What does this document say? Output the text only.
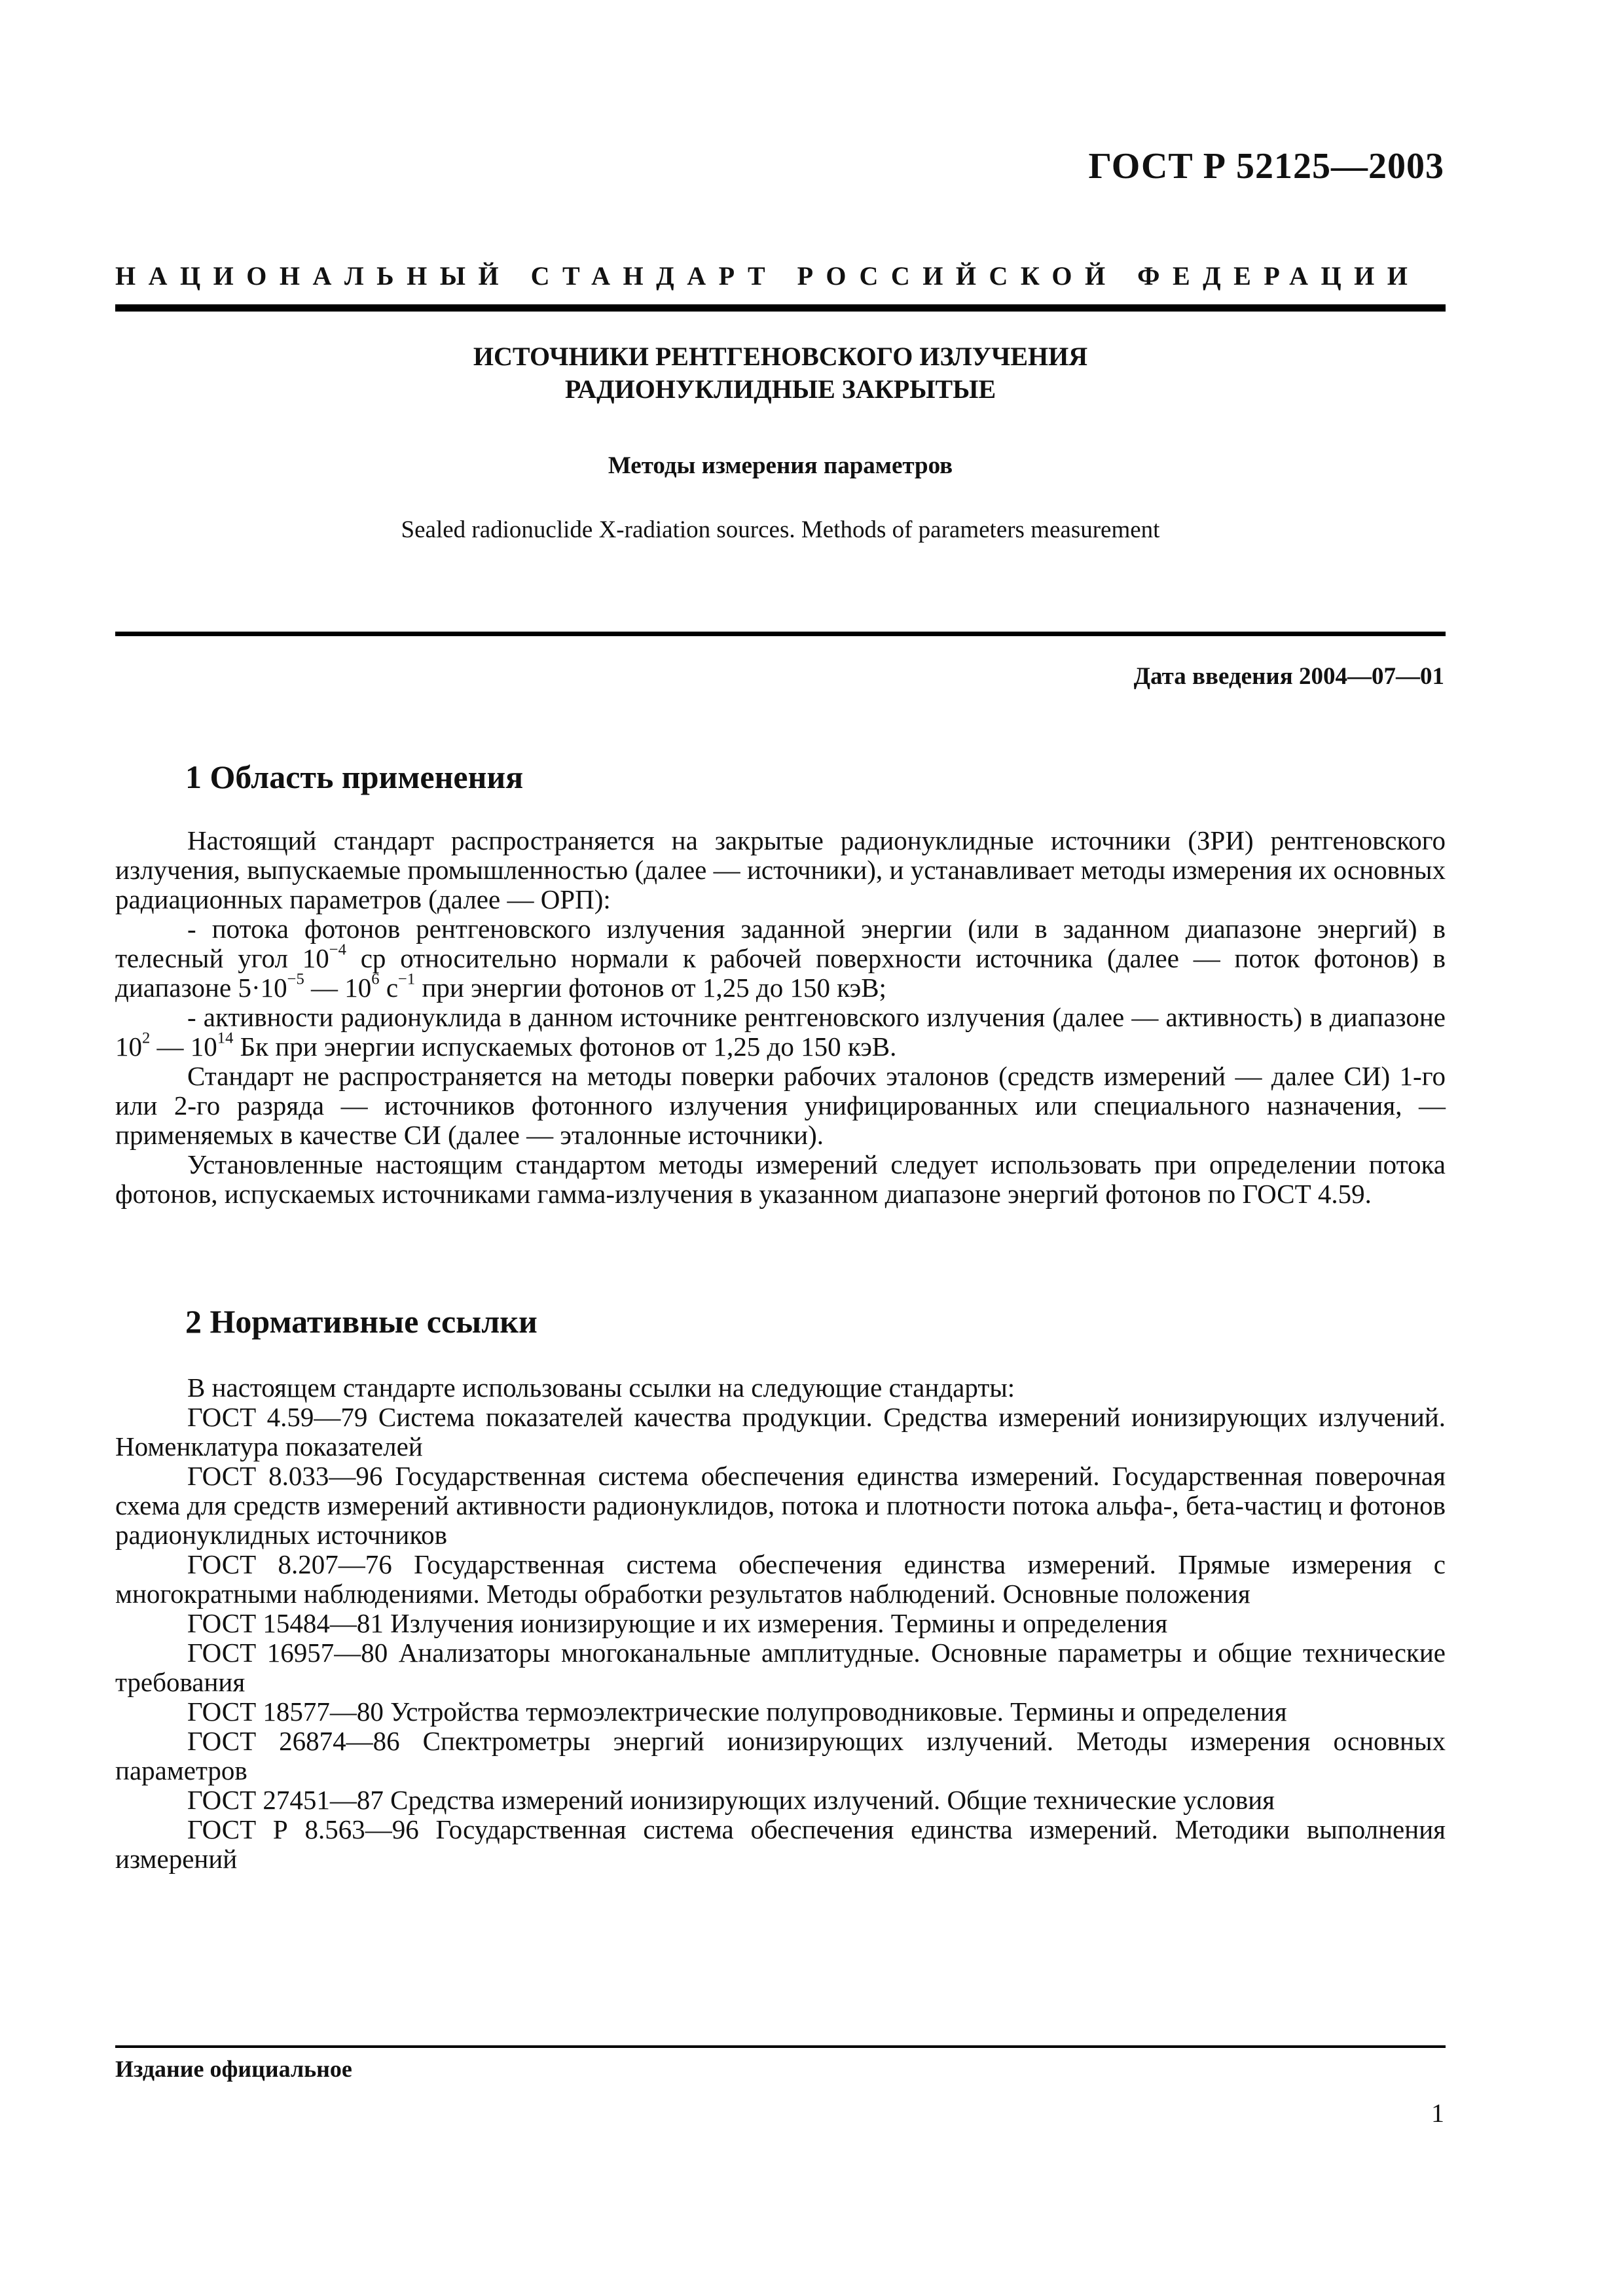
ГОСТ Р 52125—2003
НАЦИОНАЛЬНЫЙ СТАНДАРТ РОССИЙСКОЙ ФЕДЕРАЦИИ
ИСТОЧНИКИ РЕНТГЕНОВСКОГО ИЗЛУЧЕНИЯ
РАДИОНУКЛИДНЫЕ ЗАКРЫТЫЕ
Методы измерения параметров
Sealed radionuclide X-radiation sources. Methods of parameters measurement
Дата введения 2004—07—01
1 Область применения

Настоящий стандарт распространяется на закрытые радионуклидные источники (ЗРИ) рентгеновского излучения, выпускаемые промышленностью (далее — источники), и устанавливает методы измерения их основных радиационных параметров (далее — ОРП):

- потока фотонов рентгеновского излучения заданной энергии (или в заданном диапазоне энергий) в телесный угол $10^{-4}$ ср относительно нормали к рабочей поверхности источника (далее — поток фотонов) в диапазоне $5\cdot 10^{-5}$ — $10^6$ $с^{-1}$ при энергии фотонов от 1,25 до 150 кэВ;

- активности радионуклида в данном источнике рентгеновского излучения (далее — активность) в диапазоне $10^2$ — $10^{14}$ Бк при энергии испускаемых фотонов от 1,25 до 150 кэВ.

Стандарт не распространяется на методы поверки рабочих эталонов (средств измерений — далее СИ) 1-го или 2-го разряда — источников фотонного излучения унифицированных или специального назначения, — применяемых в качестве СИ (далее — эталонные источники).

Установленные настоящим стандартом методы измерений следует использовать при определении потока фотонов, испускаемых источниками гамма-излучения в указанном диапазоне энергий фотонов по ГОСТ 4.59.

2 Нормативные ссылки

В настоящем стандарте использованы ссылки на следующие стандарты:

ГОСТ 4.59—79 Система показателей качества продукции. Средства измерений ионизирующих излучений. Номенклатура показателей

ГОСТ 8.033—96 Государственная система обеспечения единства измерений. Государственная поверочная схема для средств измерений активности радионуклидов, потока и плотности потока альфа-, бета-частиц и фотонов радионуклидных источников

ГОСТ 8.207—76 Государственная система обеспечения единства измерений. Прямые измерения с многократными наблюдениями. Методы обработки результатов наблюдений. Основные положения

ГОСТ 15484—81 Излучения ионизирующие и их измерения. Термины и определения

ГОСТ 16957—80 Анализаторы многоканальные амплитудные. Основные параметры и общие технические требования

ГОСТ 18577—80 Устройства термоэлектрические полупроводниковые. Термины и определения

ГОСТ 26874—86 Спектрометры энергий ионизирующих излучений. Методы измерения основных параметров

ГОСТ 27451—87 Средства измерений ионизирующих излучений. Общие технические условия

ГОСТ Р 8.563—96 Государственная система обеспечения единства измерений. Методики выполнения измерений

Издание официальное
1
